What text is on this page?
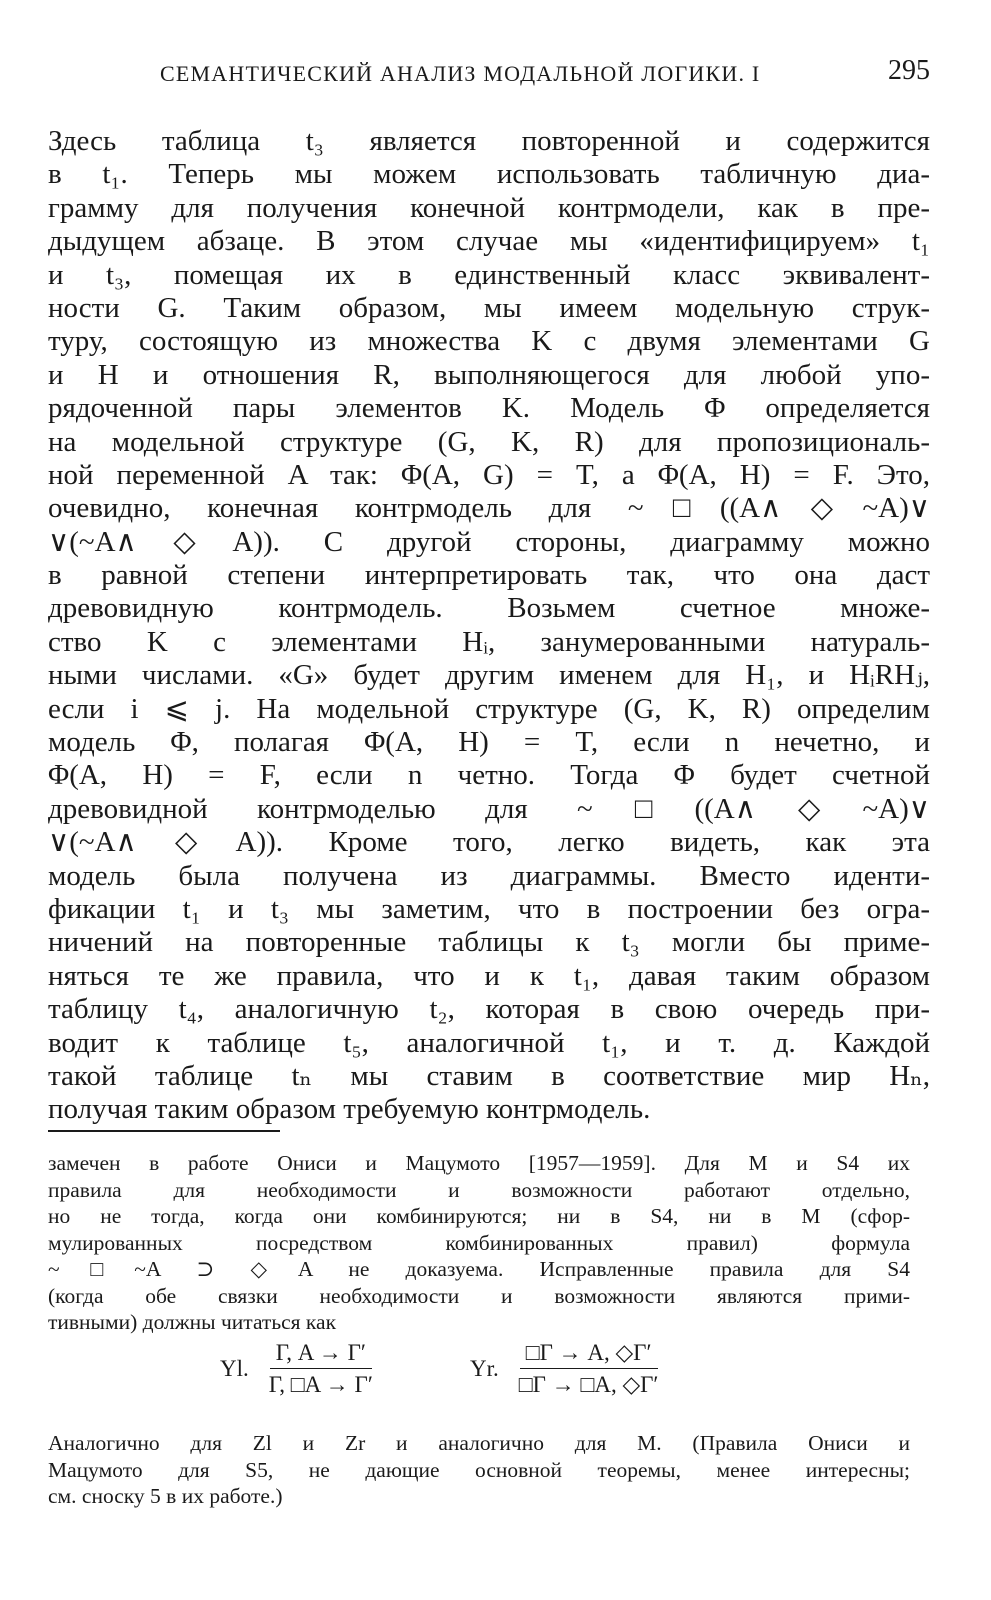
СЕМАНТИЧЕСКИЙ АНАЛИЗ МОДАЛЬНОЙ ЛОГИКИ. I	295
Здесь таблица t₃ является повторенной и содержится
в t₁. Теперь мы можем использовать табличную диа-
грамму для получения конечной контрмодели, как в пре-
дыдущем абзаце. В этом случае мы «идентифицируем» t₁
и t₃, помещая их в единственный класс эквивалент-
ности G. Таким образом, мы имеем модельную струк-
туру, состоящую из множества K с двумя элементами G
и H и отношения R, выполняющегося для любой упо-
рядоченной пары элементов K. Модель Φ определяется
на модельной структуре (G, K, R) для пропозициональ-
ной переменной A так: Φ(A, G) = T, а Φ(A, H) = F. Это,
очевидно, конечная контрмодель для ~□((A∧◇~A)∨
∨(~A∧◇A)). С другой стороны, диаграмму можно
в равной степени интерпретировать так, что она даст
древовидную контрмодель. Возьмем счетное множе-
ство K с элементами Hᵢ, занумерованными натураль-
ными числами. «G» будет другим именем для H₁, и HᵢRHⱼ,
если i ⩽ j. На модельной структуре (G, K, R) определим
модель Φ, полагая Φ(A, H) = T, если n нечетно, и
Φ(A, H) = F, если n четно. Тогда Φ будет счетной
древовидной контрмоделью для ~□((A∧◇~A)∨
∨(~A∧◇A)). Кроме того, легко видеть, как эта
модель была получена из диаграммы. Вместо иденти-
фикации t₁ и t₃ мы заметим, что в построении без огра-
ничений на повторенные таблицы к t₃ могли бы приме-
няться те же правила, что и к t₁, давая таким образом
таблицу t₄, аналогичную t₂, которая в свою очередь при-
водит к таблице t₅, аналогичной t₁, и т. д. Каждой
такой таблице tₙ мы ставим в соответствие мир Hₙ,
получая таким образом требуемую контрмодель.
замечен в работе Ониси и Мацумото [1957—1959]. Для M и S4 их
правила для необходимости и возможности работают отдельно,
но не тогда, когда они комбинируются; ни в S4, ни в M (сфор-
мулированных посредством комбинированных правил) формула
~□~A ⊃ ◇A не доказуема. Исправленные правила для S4
(когда обе связки необходимости и возможности являются прими-
тивными) должны читаться как
Yl. $\frac{\Gamma, A \to \Gamma'}{\Gamma, □A \to \Gamma'}$	Yr. $\frac{□\Gamma \to A, ◇\Gamma'}{□\Gamma \to □A, ◇\Gamma'}$
Аналогично для Zl и Zr и аналогично для M. (Правила Ониси и
Мацумото для S5, не дающие основной теоремы, менее интересны;
см. сноску 5 в их работе.)
